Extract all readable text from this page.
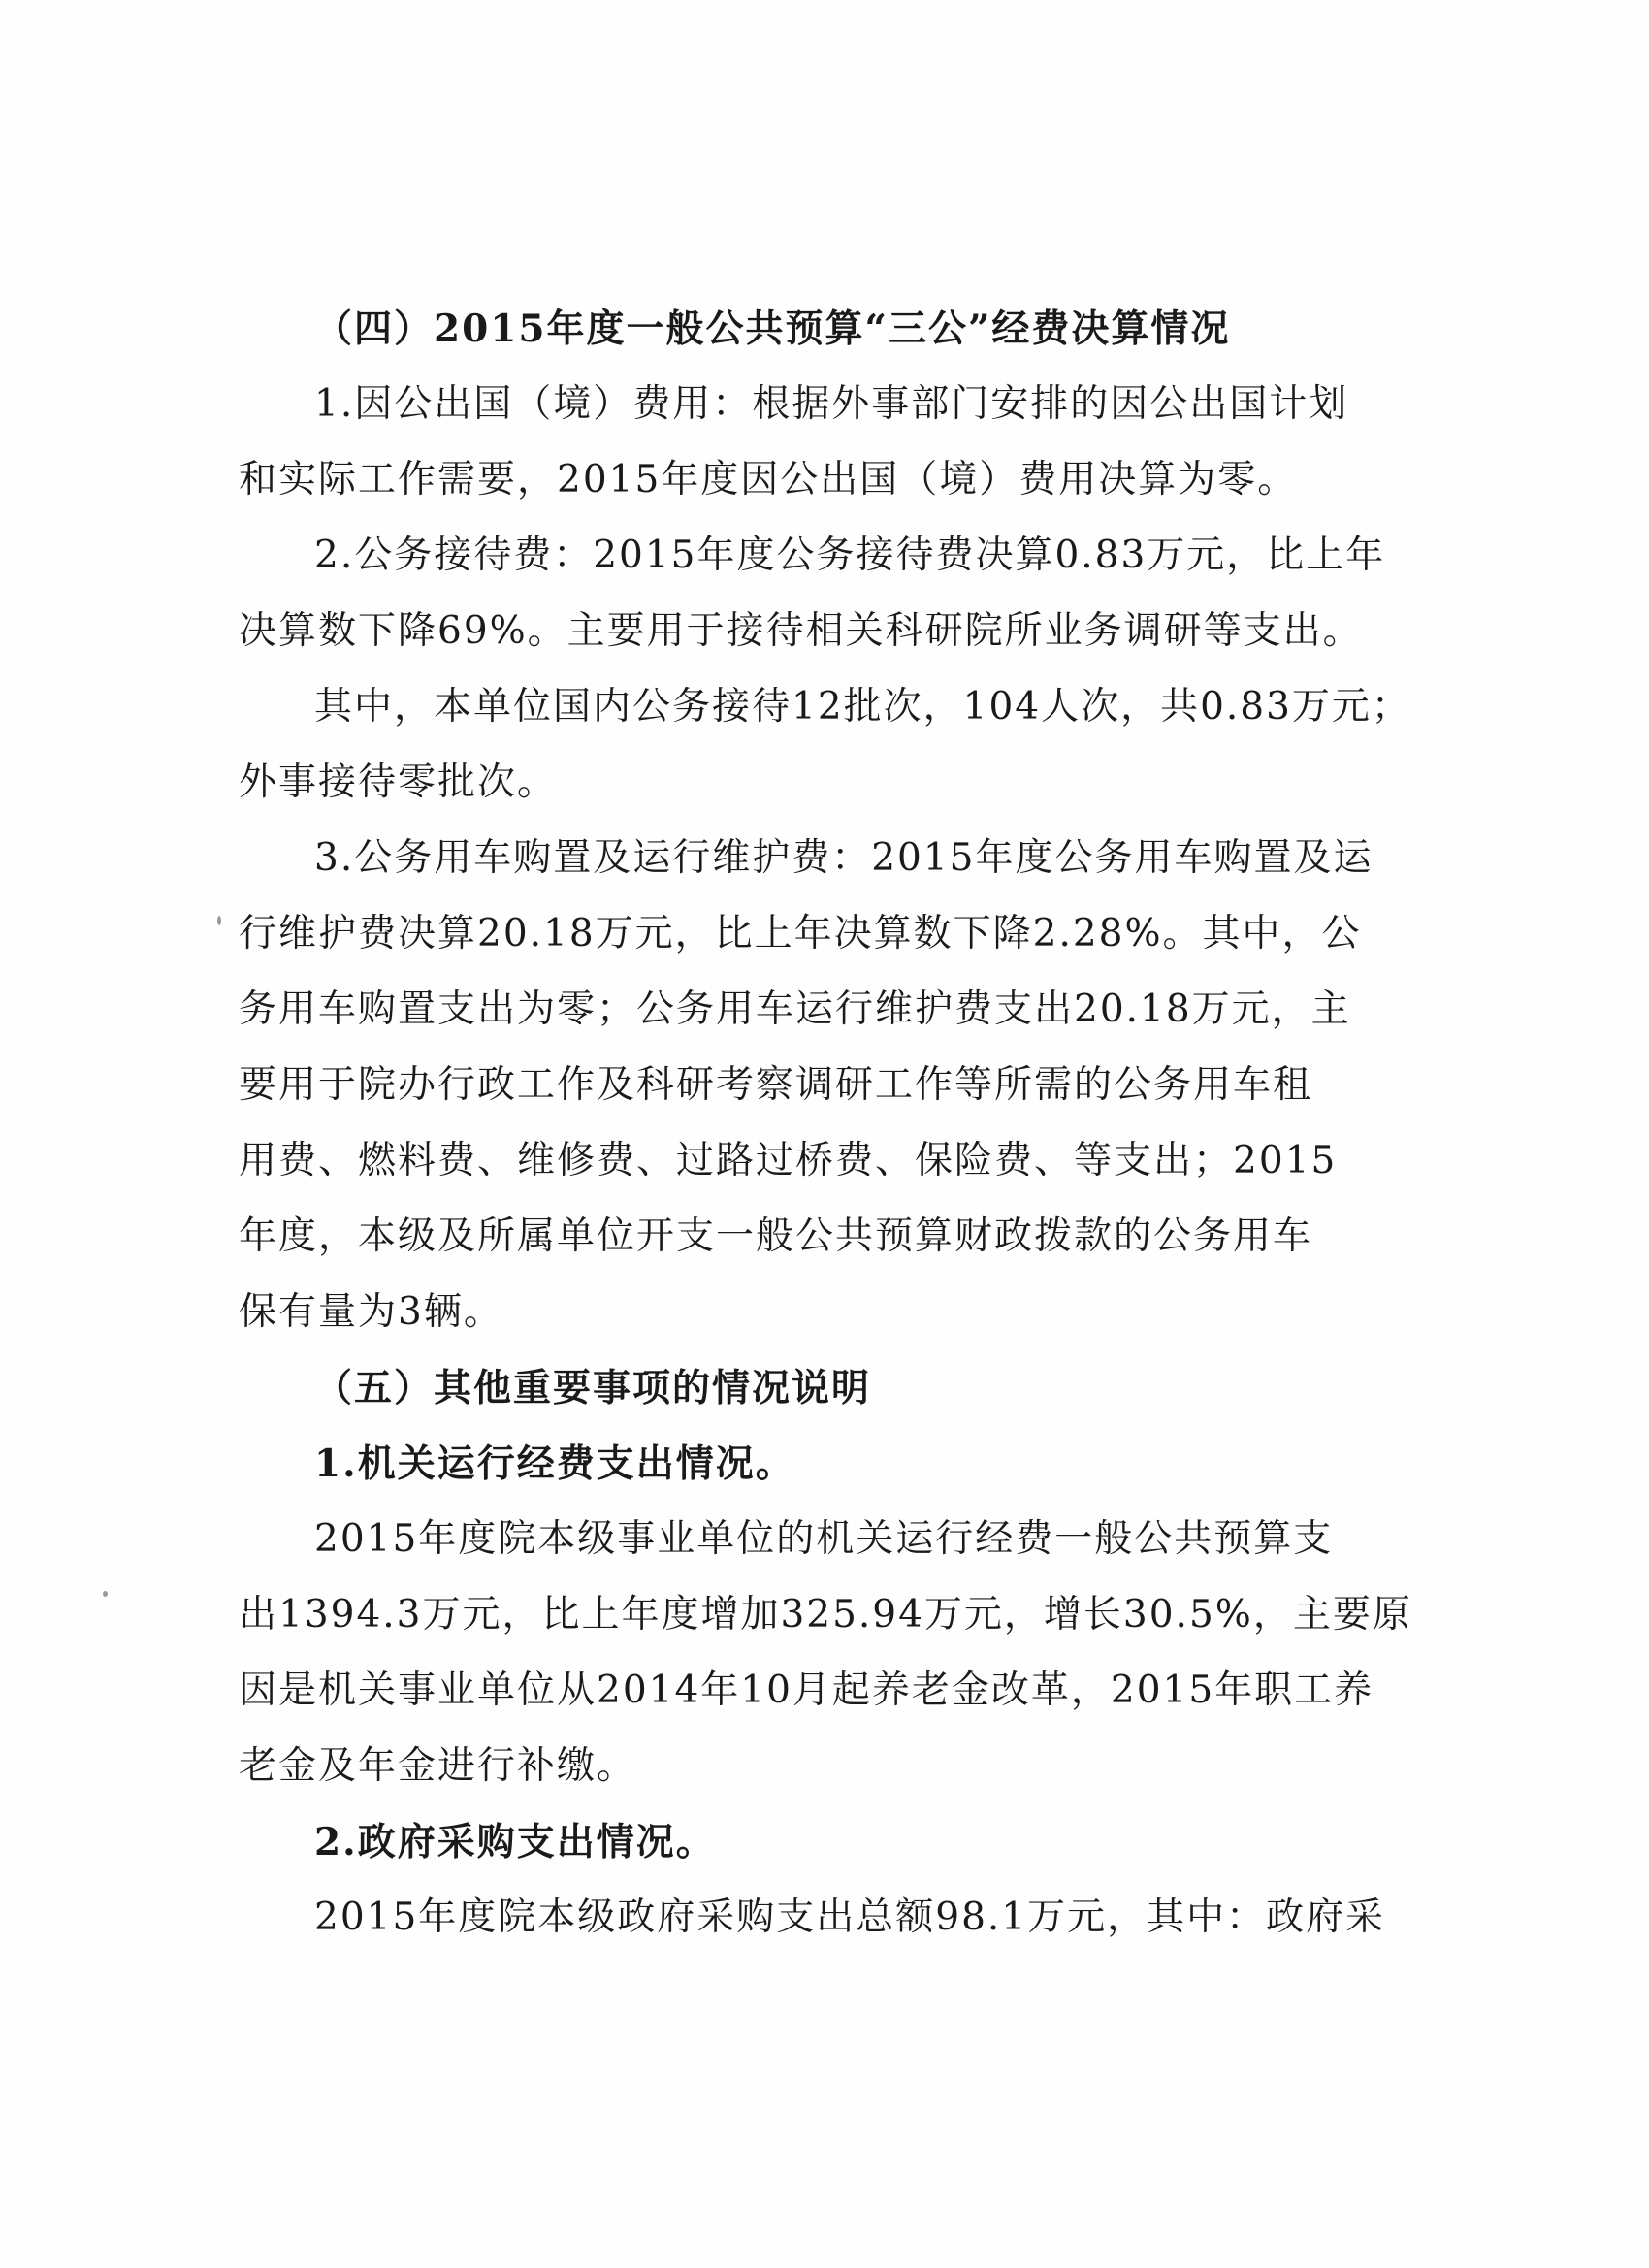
（四）2015年度一般公共预算“三公”经费决算情况

1.因公出国（境）费用：根据外事部门安排的因公出国计划
和实际工作需要，2015年度因公出国（境）费用决算为零。
2.公务接待费：2015年度公务接待费决算0.83万元，比上年
决算数下降69%。主要用于接待相关科研院所业务调研等支出。
其中，本单位国内公务接待12批次，104人次，共0.83万元；
外事接待零批次。
3.公务用车购置及运行维护费：2015年度公务用车购置及运
行维护费决算20.18万元，比上年决算数下降2.28%。其中，公
务用车购置支出为零；公务用车运行维护费支出20.18万元，主
要用于院办行政工作及科研考察调研工作等所需的公务用车租
用费、燃料费、维修费、过路过桥费、保险费、等支出；2015
年度，本级及所属单位开支一般公共预算财政拨款的公务用车
保有量为3辆。

（五）其他重要事项的情况说明

1.机关运行经费支出情况。

2015年度院本级事业单位的机关运行经费一般公共预算支
出1394.3万元，比上年度增加325.94万元，增长30.5%，主要原
因是机关事业单位从2014年10月起养老金改革，2015年职工养
老金及年金进行补缴。

2.政府采购支出情况。

2015年度院本级政府采购支出总额98.1万元，其中：政府采
